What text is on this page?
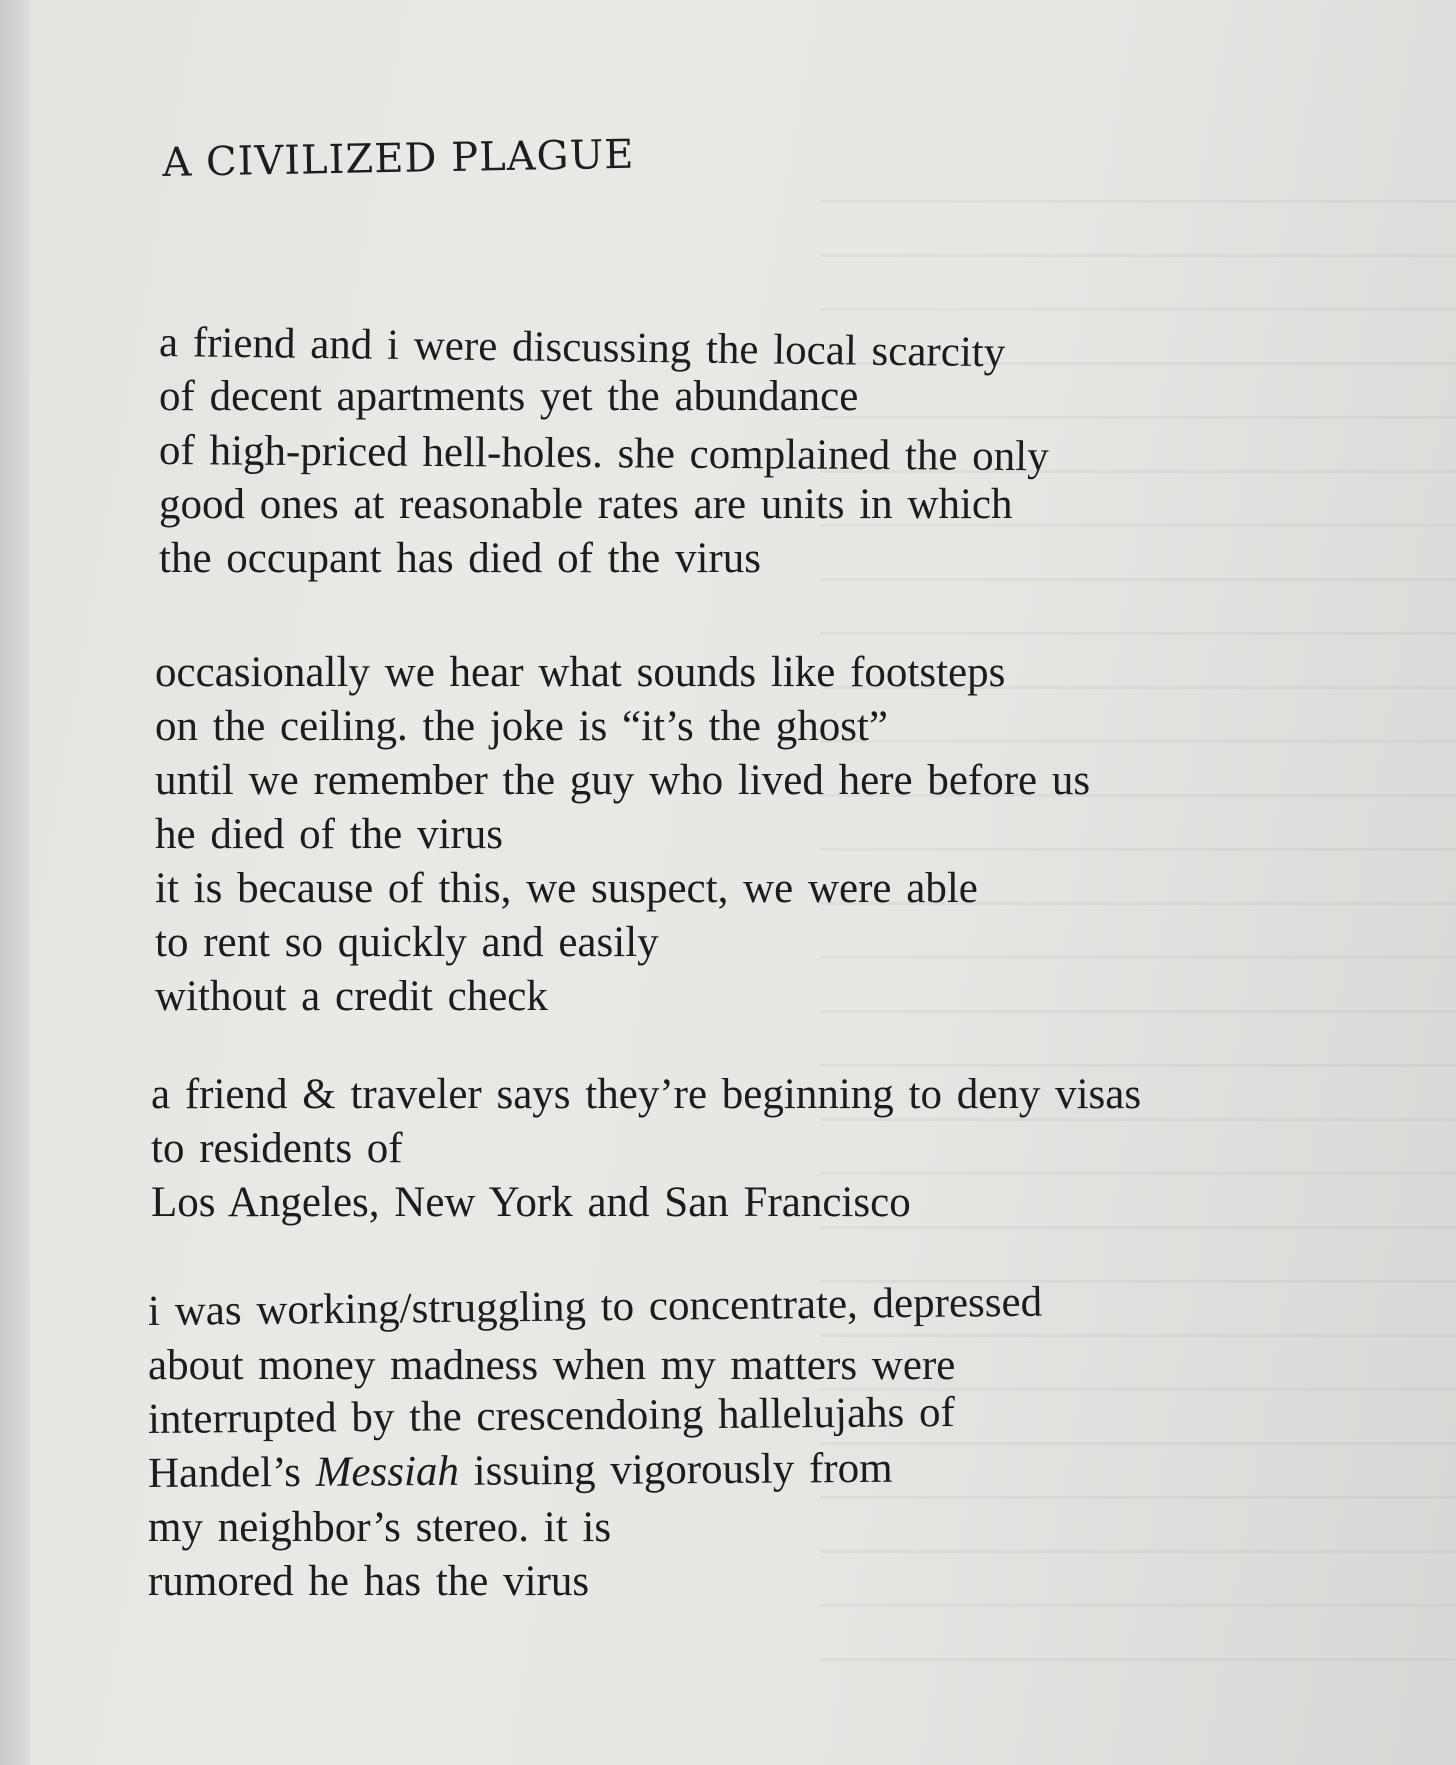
A CIVILIZED PLAGUE
a friend and i were discussing the local scarcity
of decent apartments yet the abundance
of high-priced hell-holes. she complained the only
good ones at reasonable rates are units in which
the occupant has died of the virus
occasionally we hear what sounds like footsteps
on the ceiling. the joke is “it’s the ghost”
until we remember the guy who lived here before us
he died of the virus
it is because of this, we suspect, we were able
to rent so quickly and easily
without a credit check
a friend & traveler says they’re beginning to deny visas
to residents of
Los Angeles, New York and San Francisco
i was working/struggling to concentrate, depressed
about money madness when my matters were
interrupted by the crescendoing hallelujahs of
Handel’s Messiah issuing vigorously from
my neighbor’s stereo. it is
rumored he has the virus
